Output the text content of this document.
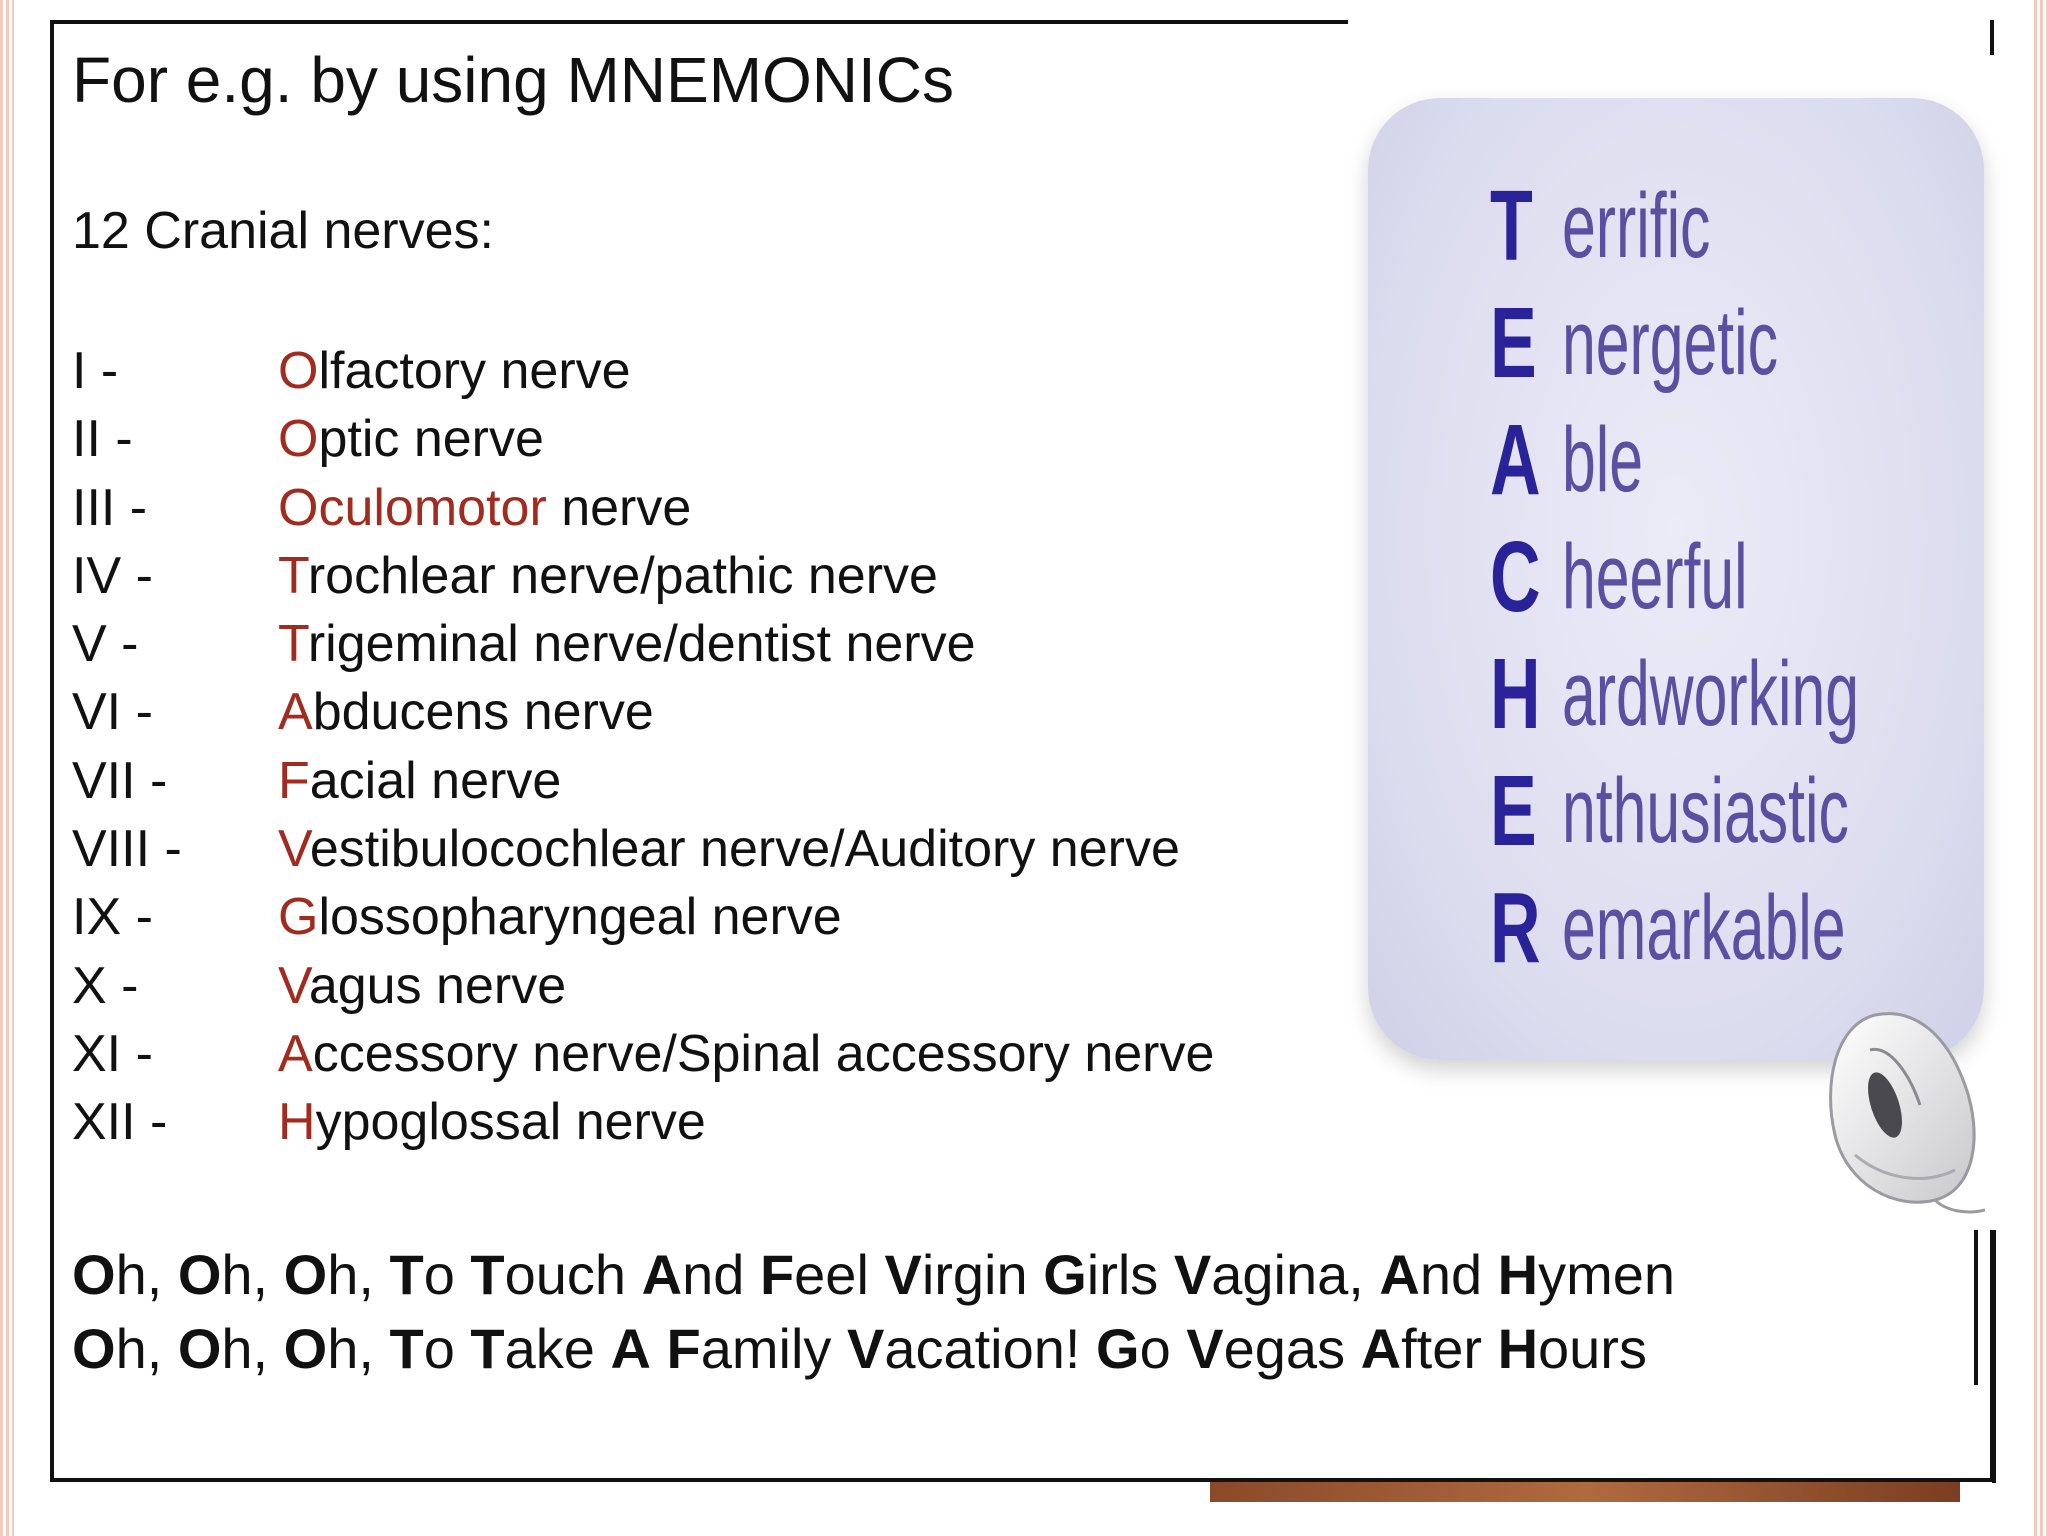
For e.g. by using MNEMONICs
12 Cranial nerves:
I -	Olfactory nerve
II -	Optic nerve
III -	Oculomotor nerve
IV - Trochlear nerve/pathic nerve
V -	Trigeminal nerve/dentist nerve
VI - Abducens nerve
VII - Facial nerve
VIII - Vestibulocochlear nerve/Auditory nerve
IX - Glossopharyngeal nerve
X -	Vagus nerve
XI - Accessory nerve/Spinal accessory nerve
XII - Hypoglossal nerve
Oh, Oh, Oh, To Touch And Feel Virgin Girls Vagina, And Hymen
Oh, Oh, Oh, To Take A Family Vacation! Go Vegas After Hours
T errific
E nergetic
A ble
C heerful
H ardworking
E nthusiastic
R emarkable
